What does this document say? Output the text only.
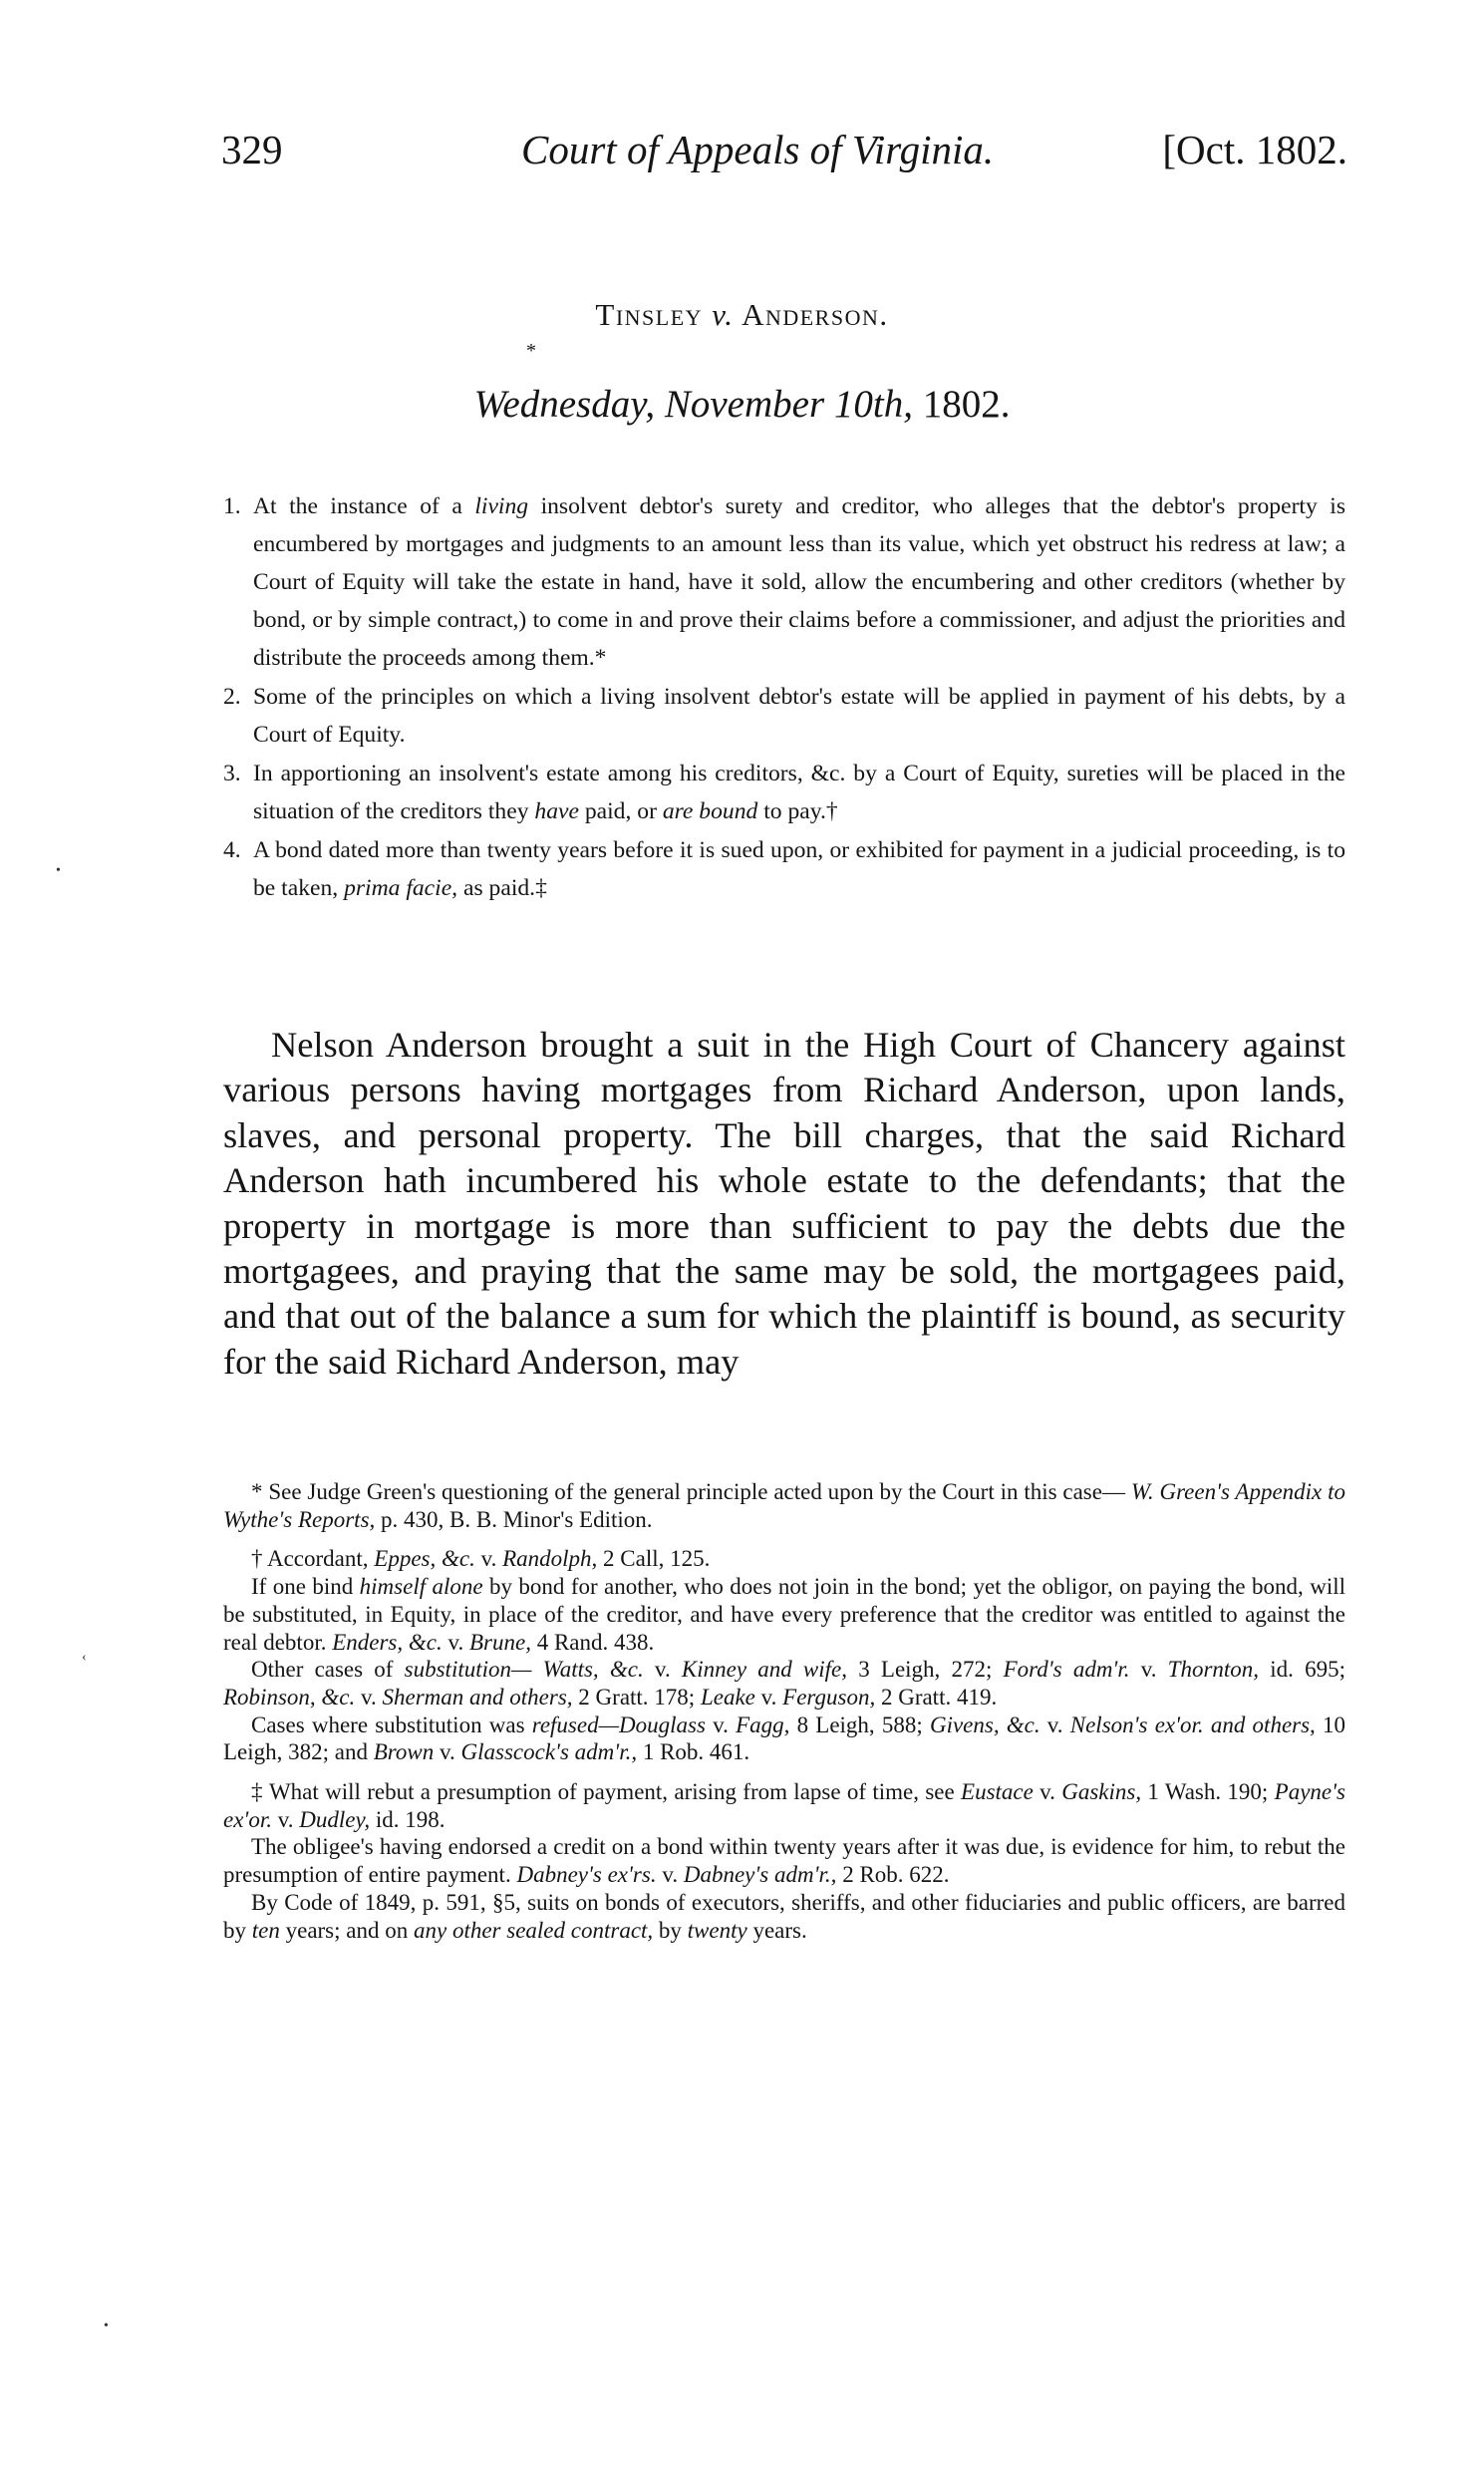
329	Court of Appeals of Virginia.	[Oct. 1802.
Tinsley v. Anderson.
*
Wednesday, November 10th, 1802.
1. At the instance of a living insolvent debtor's surety and creditor, who alleges that the debtor's property is encumbered by mortgages and judgments to an amount less than its value, which yet obstruct his redress at law; a Court of Equity will take the estate in hand, have it sold, allow the encumbering and other creditors (whether by bond, or by simple contract,) to come in and prove their claims before a commissioner, and adjust the priorities and distribute the proceeds among them.*
2. Some of the principles on which a living insolvent debtor's estate will be applied in payment of his debts, by a Court of Equity.
3. In apportioning an insolvent's estate among his creditors, &c. by a Court of Equity, sureties will be placed in the situation of the creditors they have paid, or are bound to pay.†
4. A bond dated more than twenty years before it is sued upon, or exhibited for payment in a judicial proceeding, is to be taken, prima facie, as paid.‡

Nelson Anderson brought a suit in the High Court of Chancery against various persons having mortgages from Richard Anderson, upon lands, slaves, and personal property. The bill charges, that the said Richard Anderson hath incumbered his whole estate to the defendants; that the property in mortgage is more than sufficient to pay the debts due the mortgagees, and praying that the same may be sold, the mortgagees paid, and that out of the balance a sum for which the plaintiff is bound, as security for the said Richard Anderson, may

* See Judge Green's questioning of the general principle acted upon by the Court in this case— W. Green's Appendix to Wythe's Reports, p. 430, B. B. Minor's Edition.

† Accordant, Eppes, &c. v. Randolph, 2 Call, 125.

If one bind himself alone by bond for another, who does not join in the bond; yet the obligor, on paying the bond, will be substituted, in Equity, in place of the creditor, and have every preference that the creditor was entitled to against the real debtor. Enders, &c. v. Brune, 4 Rand. 438.

Other cases of substitution— Watts, &c. v. Kinney and wife, 3 Leigh, 272; Ford's adm'r. v. Thornton, id. 695; Robinson, &c. v. Sherman and others, 2 Gratt. 178; Leake v. Ferguson, 2 Gratt. 419.

Cases where substitution was refused—Douglass v. Fagg, 8 Leigh, 588; Givens, &c. v. Nelson's ex'or. and others, 10 Leigh, 382; and Brown v. Glasscock's adm'r., 1 Rob. 461.

‡ What will rebut a presumption of payment, arising from lapse of time, see Eustace v. Gaskins, 1 Wash. 190; Payne's ex'or. v. Dudley, id. 198.

The obligee's having endorsed a credit on a bond within twenty years after it was due, is evidence for him, to rebut the presumption of entire payment. Dabney's ex'rs. v. Dabney's adm'r., 2 Rob. 622.

By Code of 1849, p. 591, §5, suits on bonds of executors, sheriffs, and other fiduciaries and public officers, are barred by ten years; and on any other sealed contract, by twenty years.

•
‹
•
